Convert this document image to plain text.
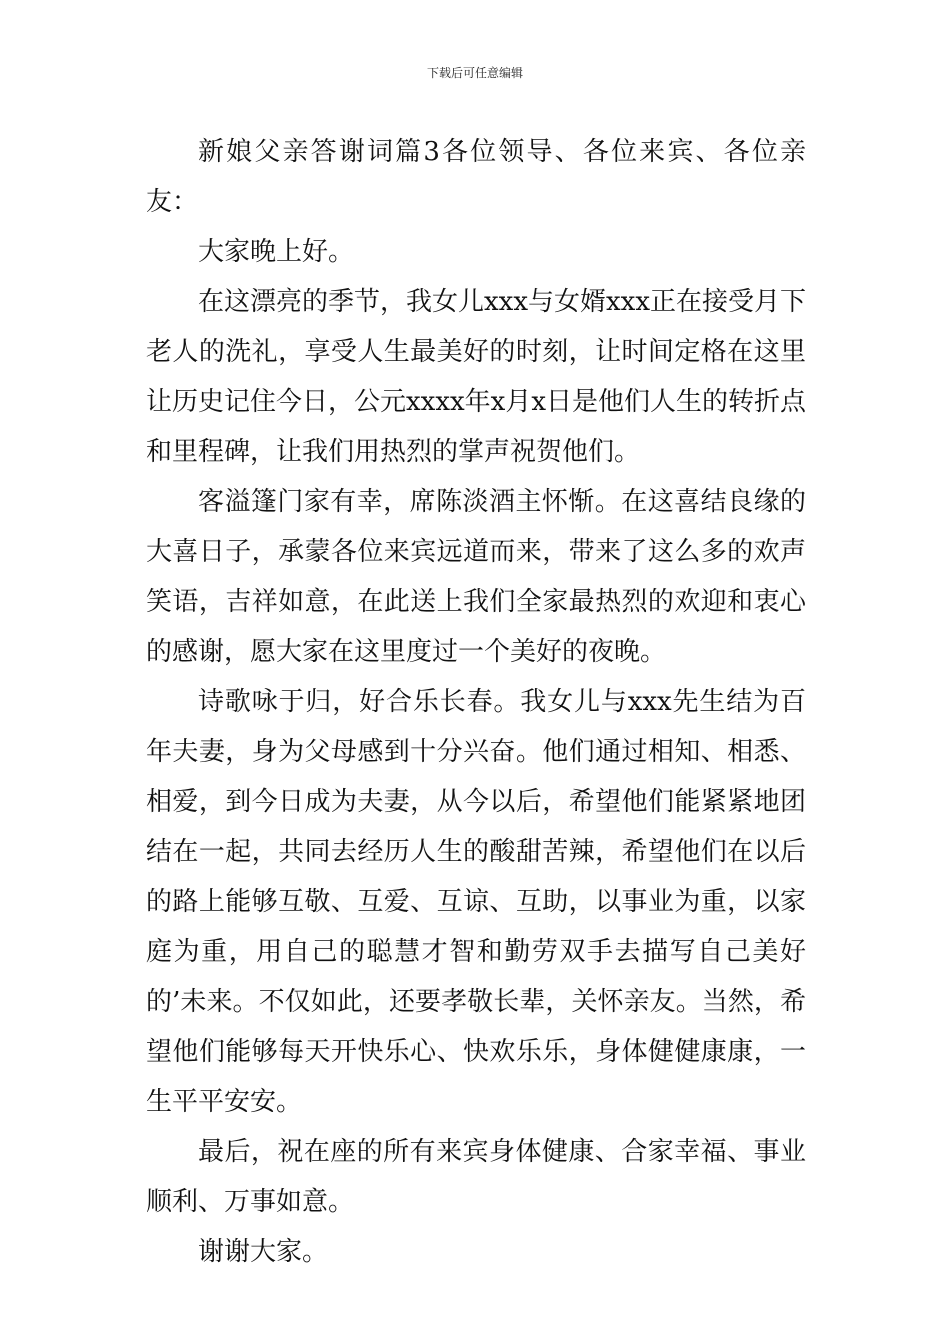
下载后可任意编辑

新娘父亲答谢词篇3各位领导、各位来宾、各位亲友：

大家晚上好。

在这漂亮的季节，我女儿xxx与女婿xxx正在接受月下老人的洗礼，享受人生最美好的时刻，让时间定格在这里让历史记住今日，公元xxxx年x月x日是他们人生的转折点和里程碑，让我们用热烈的掌声祝贺他们。

客溢篷门家有幸，席陈淡酒主怀惭。在这喜结良缘的大喜日子，承蒙各位来宾远道而来，带来了这么多的欢声笑语，吉祥如意，在此送上我们全家最热烈的欢迎和衷心的感谢，愿大家在这里度过一个美好的夜晚。

诗歌咏于归，好合乐长春。我女儿与xxx先生结为百年夫妻，身为父母感到十分兴奋。他们通过相知、相悉、相爱，到今日成为夫妻，从今以后，希望他们能紧紧地团结在一起，共同去经历人生的酸甜苦辣，希望他们在以后的路上能够互敬、互爱、互谅、互助，以事业为重，以家庭为重，用自己的聪慧才智和勤劳双手去描写自己美好的’未来。不仅如此，还要孝敬长辈，关怀亲友。当然，希望他们能够每天开快乐心、快欢乐乐，身体健健康康，一生平平安安。

最后，祝在座的所有来宾身体健康、合家幸福、事业顺利、万事如意。

谢谢大家。
